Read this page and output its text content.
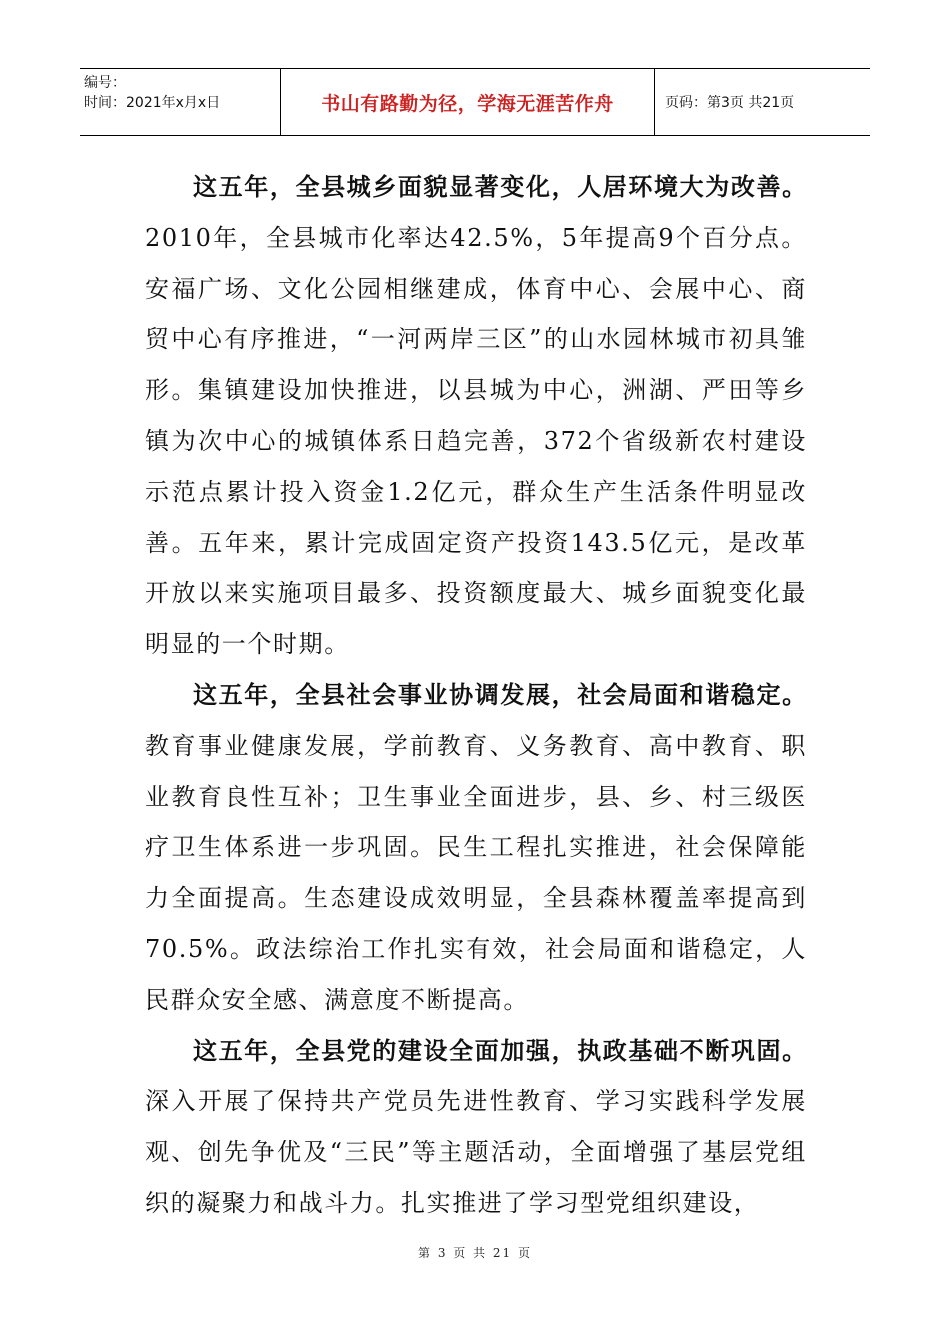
编号：
时间：2021年x月x日	书山有路勤为径，学海无涯苦作舟	页码：第3页 共21页

这五年，全县城乡面貌显著变化，人居环境大为改善。2010年，全县城市化率达42.5%，5年提高9个百分点。安福广场、文化公园相继建成，体育中心、会展中心、商贸中心有序推进，“一河两岸三区”的山水园林城市初具雏形。集镇建设加快推进，以县城为中心，洲湖、严田等乡镇为次中心的城镇体系日趋完善，372个省级新农村建设示范点累计投入资金1.2亿元，群众生产生活条件明显改善。五年来，累计完成固定资产投资143.5亿元，是改革开放以来实施项目最多、投资额度最大、城乡面貌变化最明显的一个时期。

这五年，全县社会事业协调发展，社会局面和谐稳定。 教育事业健康发展，学前教育、义务教育、高中教育、职业教育良性互补；卫生事业全面进步，县、乡、村三级医疗卫生体系进一步巩固。民生工程扎实推进，社会保障能力全面提高。生态建设成效明显，全县森林覆盖率提高到70.5%。政法综治工作扎实有效，社会局面和谐稳定，人民群众安全感、满意度不断提高。

这五年，全县党的建设全面加强，执政基础不断巩固。深入开展了保持共产党员先进性教育、学习实践科学发展观、创先争优及“三民”等主题活动，全面增强了基层党组织的凝聚力和战斗力。扎实推进了学习型党组织建设，

第 3 页 共 21 页
